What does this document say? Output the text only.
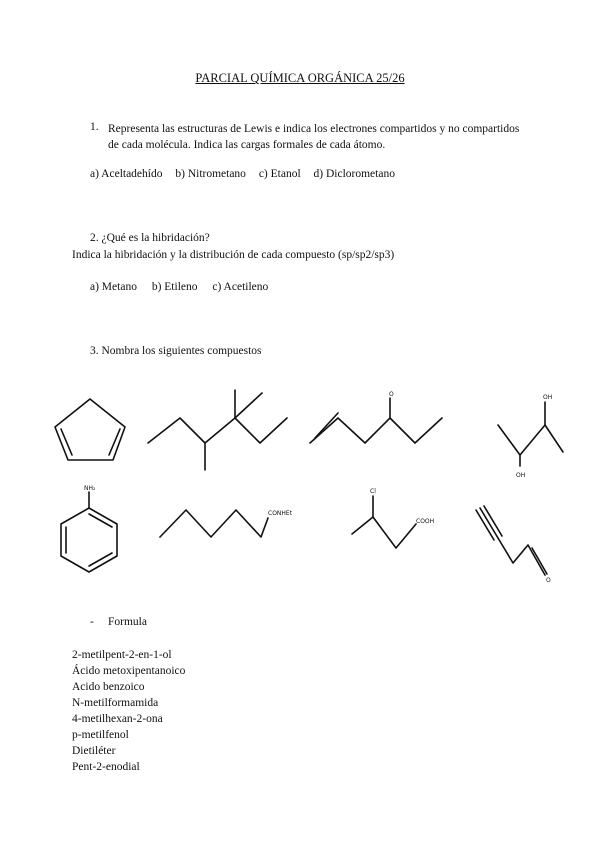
PARCIAL QUÍMICA ORGÁNICA 25/26
1. Representa las estructuras de Lewis e indica los electrones compartidos y no compartidos de cada molécula. Indica las cargas formales de cada átomo.
a) Aceltadehído b) Nitrometano c) Etanol d) Diclorometano
2. ¿Qué es la hibridación?
Indica la hibridación y la distribución de cada compuesto (sp/sp2/sp3)
a) Metano b) Etileno c) Acetileno
3. Nombra los siguientes compuestos
O	OH
OH
NH₂
CONHEt
Cl
COOH
O
- Formula
2-metilpent-2-en-1-ol
Ácido metoxipentanoico
Acido benzoico
N-metilformamida
4-metilhexan-2-ona
p-metilfenol
Dietiléter
Pent-2-enodial
